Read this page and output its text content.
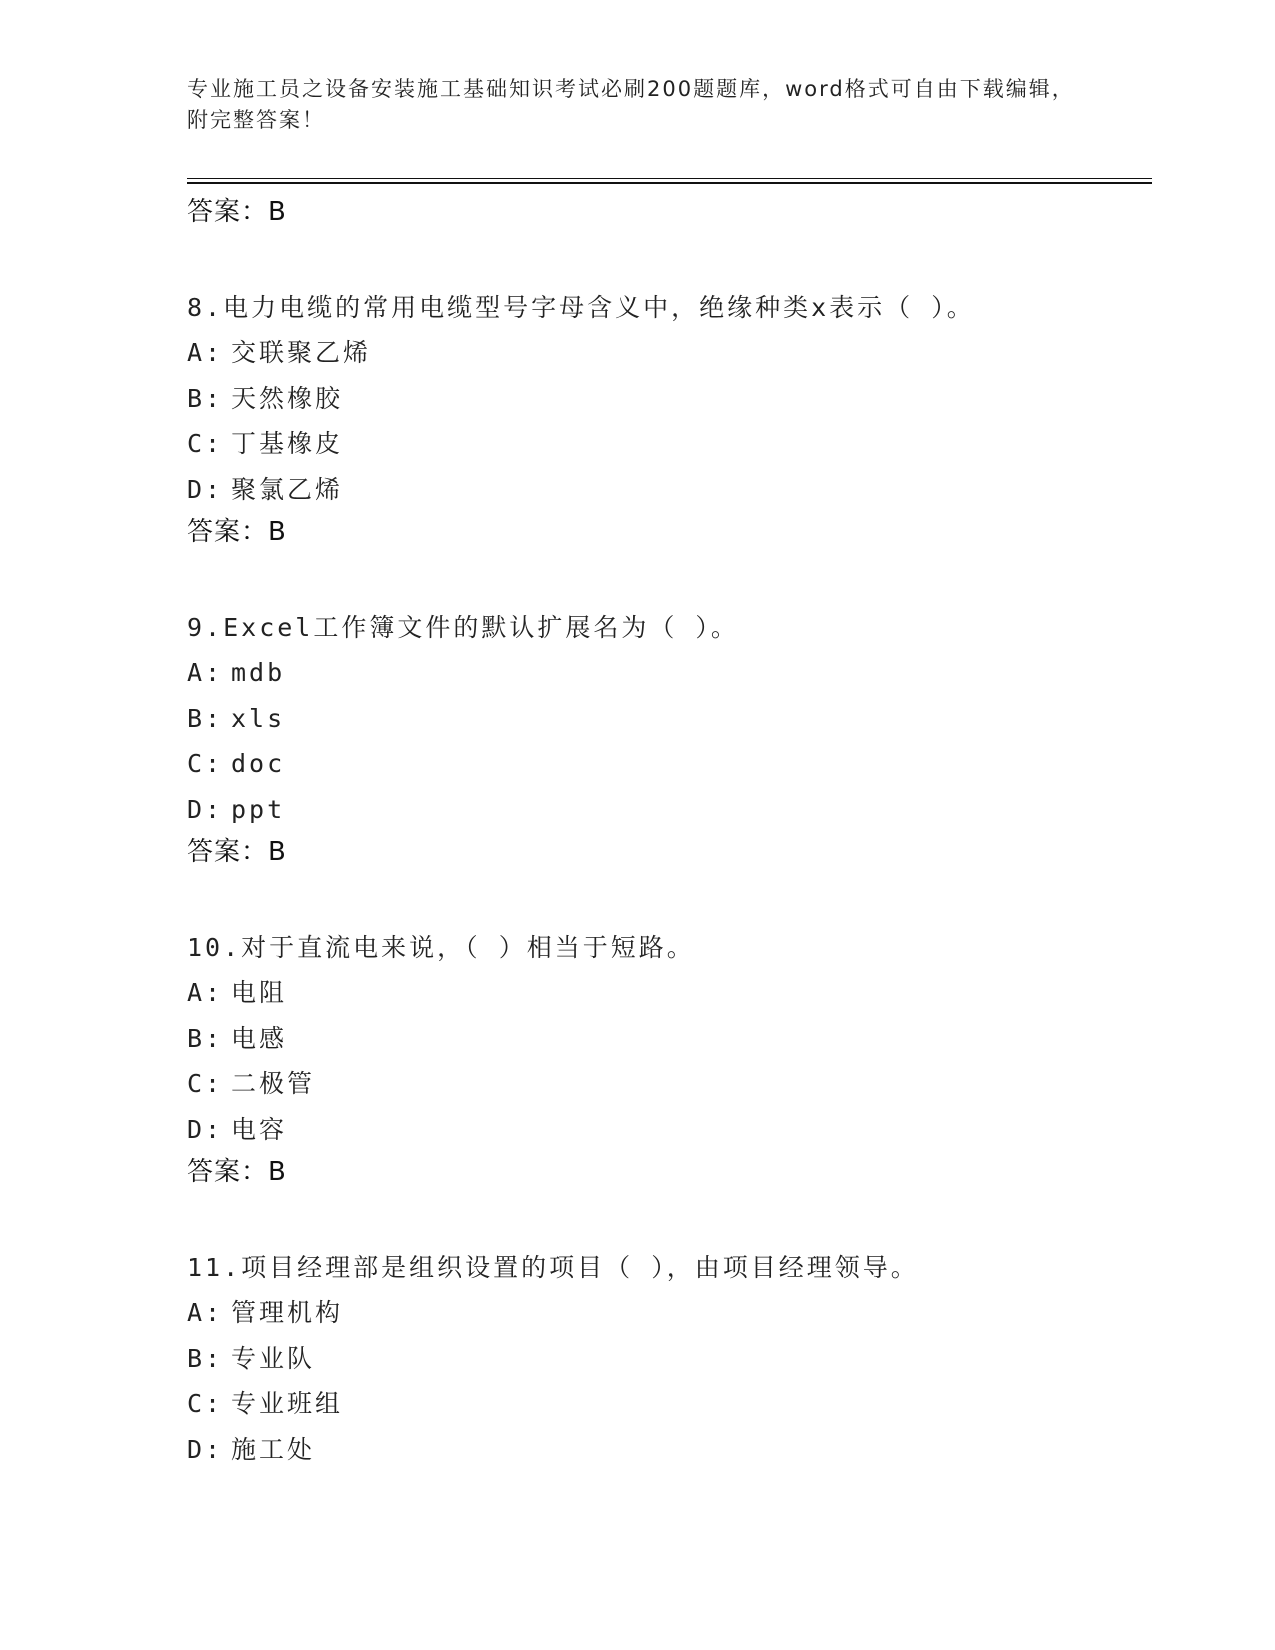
专业施工员之设备安装施工基础知识考试必刷200题题库，word格式可自由下载编辑，附完整答案！
答案：B
8.电力电缆的常用电缆型号字母含义中，绝缘种类x表示（ ）。
A: 交联聚乙烯
B: 天然橡胶
C: 丁基橡皮
D: 聚氯乙烯
答案：B
9.Excel工作簿文件的默认扩展名为（ ）。
A: mdb
B: xls
C: doc
D: ppt
答案：B
10.对于直流电来说，（ ）相当于短路。
A: 电阻
B: 电感
C: 二极管
D: 电容
答案：B
11.项目经理部是组织设置的项目（ ），由项目经理领导。
A: 管理机构
B: 专业队
C: 专业班组
D: 施工处
